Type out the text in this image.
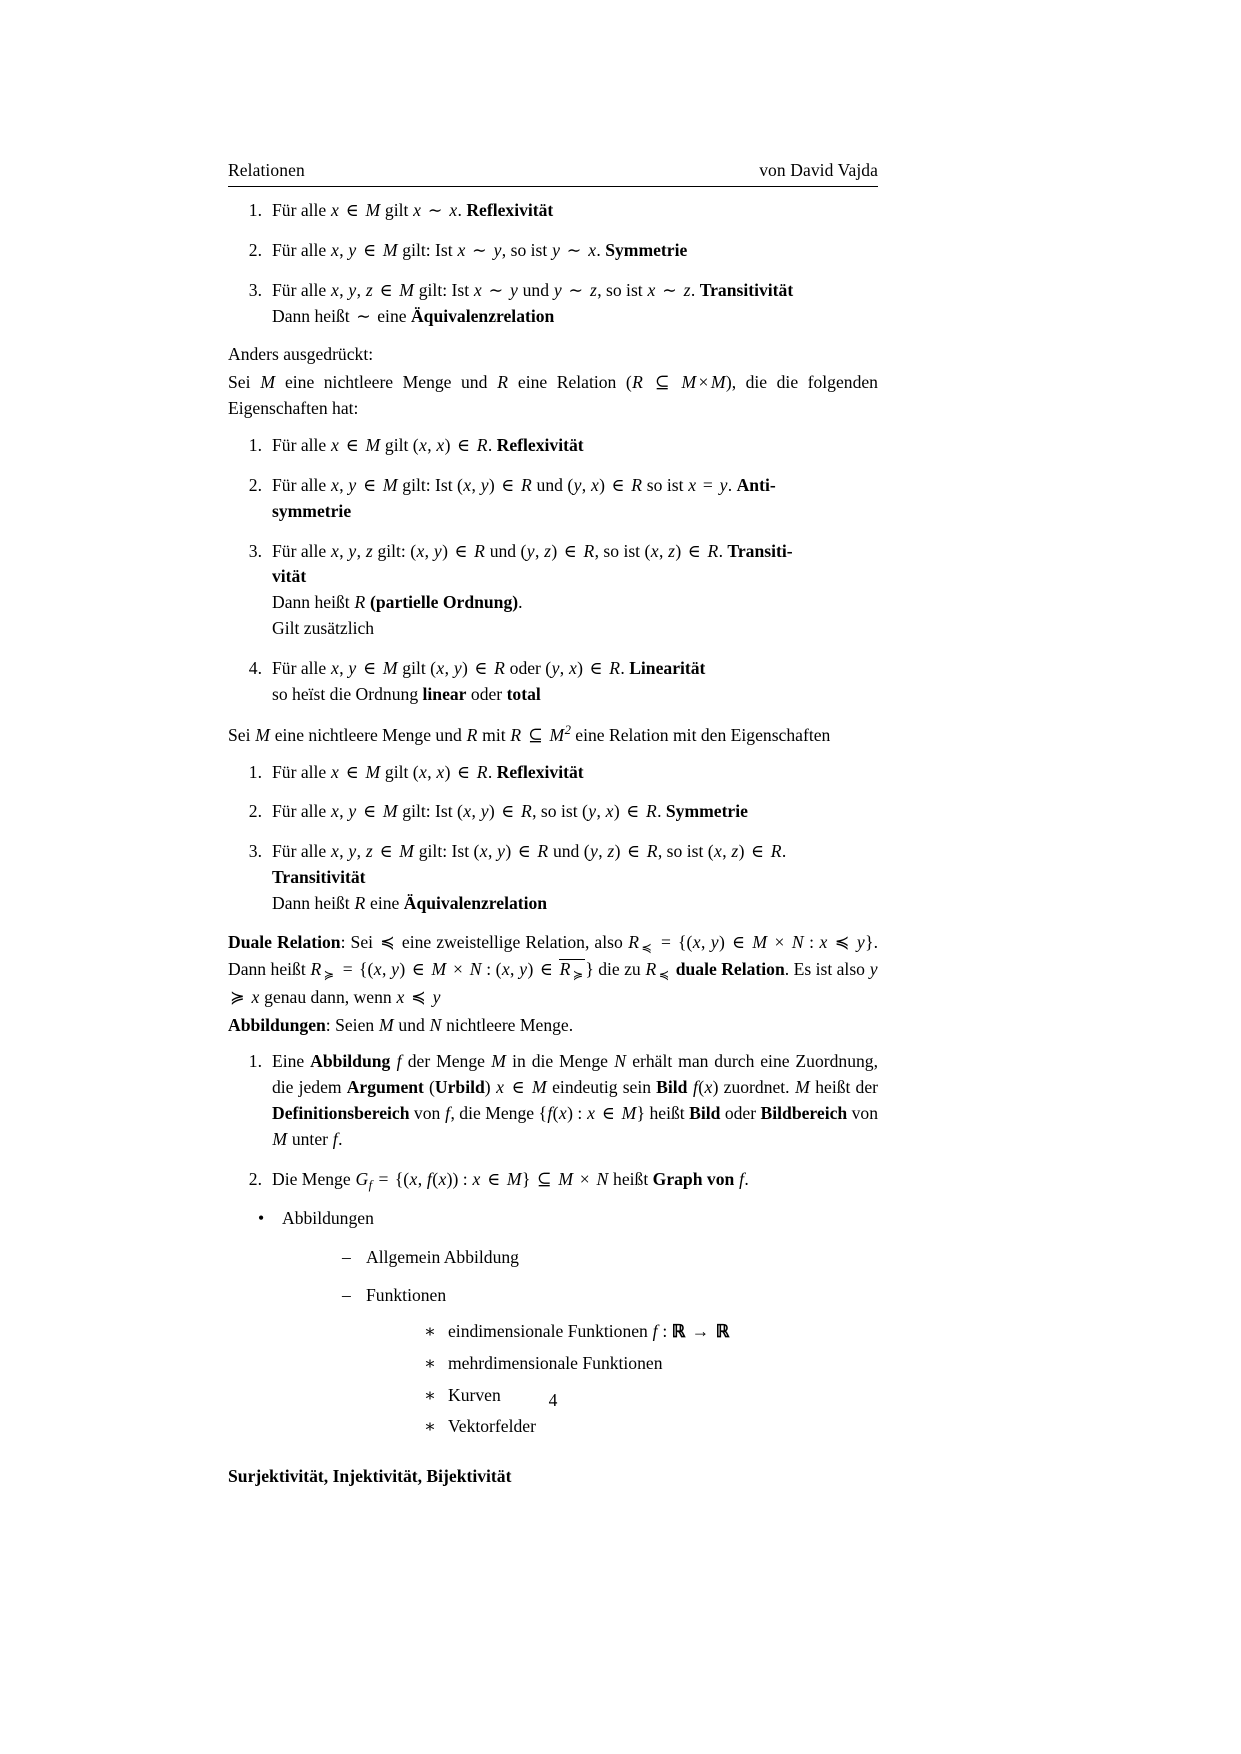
Relationen	von David Vajda
1. Für alle x ∈ M gilt x ∼ x. Reflexivität
2. Für alle x, y ∈ M gilt: Ist x ∼ y, so ist y ∼ x. Symmetrie
3. Für alle x, y, z ∈ M gilt: Ist x ∼ y und y ∼ z, so ist x ∼ z. Transitivität
Dann heißt ∼ eine Äquivalenzrelation
Anders ausgedrückt:
Sei M eine nichtleere Menge und R eine Relation (R ⊆ M × M), die die folgenden Eigenschaften hat:
1. Für alle x ∈ M gilt (x, x) ∈ R. Reflexivität
2. Für alle x, y ∈ M gilt: Ist (x, y) ∈ R und (y, x) ∈ R so ist x = y. Anti-
symmetrie
3. Für alle x, y, z gilt: (x, y) ∈ R und (y, z) ∈ R, so ist (x, z) ∈ R. Transiti-
vität
Dann heißt R (partielle Ordnung).
Gilt zusätzlich
4. Für alle x, y ∈ M gilt (x, y) ∈ R oder (y, x) ∈ R. Linearität
so heïst die Ordnung linear oder total
Sei M eine nichtleere Menge und R mit R ⊆ $M^2$ eine Relation mit den Eigenschaften
1. Für alle x ∈ M gilt (x, x) ∈ R. Reflexivität
2. Für alle x, y ∈ M gilt: Ist (x, y) ∈ R, so ist (y, x) ∈ R. Symmetrie
3. Für alle x, y, z ∈ M gilt: Ist (x, y) ∈ R und (y, z) ∈ R, so ist (x, z) ∈ R.
Transitivität
Dann heißt R eine Äquivalenzrelation
Duale Relation: Sei ≼ eine zweistellige Relation, also R $_≼$ = {(x, y) ∈ M × N : x ≼ y}. Dann heißt R $_≽$ = {(x, y) ∈ M × N : (x, y) ∈ R $_≽$ } die zu R $_≼$ duale Relation. Es ist also y ≽ x genau dann, wenn x ≼ y
Abbildungen: Seien M und N nichtleere Menge.
1. Eine Abbildung f der Menge M in die Menge N erhält man durch eine Zuordnung, die jedem Argument (Urbild) x ∈ M eindeutig sein Bild f(x) zuordnet. M heißt der Definitionsbereich von f, die Menge {f(x) : x ∈ M} heißt Bild oder Bildbereich von M unter f.
2. Die Menge $G_f = \{(x$, f(x)) : x ∈ M} ⊆ M × N heißt Graph von f.
• Abbildungen
– Allgemein Abbildung
– Funktionen
∗ eindimensionale Funktionen f : ℝ → ℝ
∗ mehrdimensionale Funktionen
∗ Kurven
∗ Vektorfelder
Surjektivität, Injektivität, Bijektivität
4
